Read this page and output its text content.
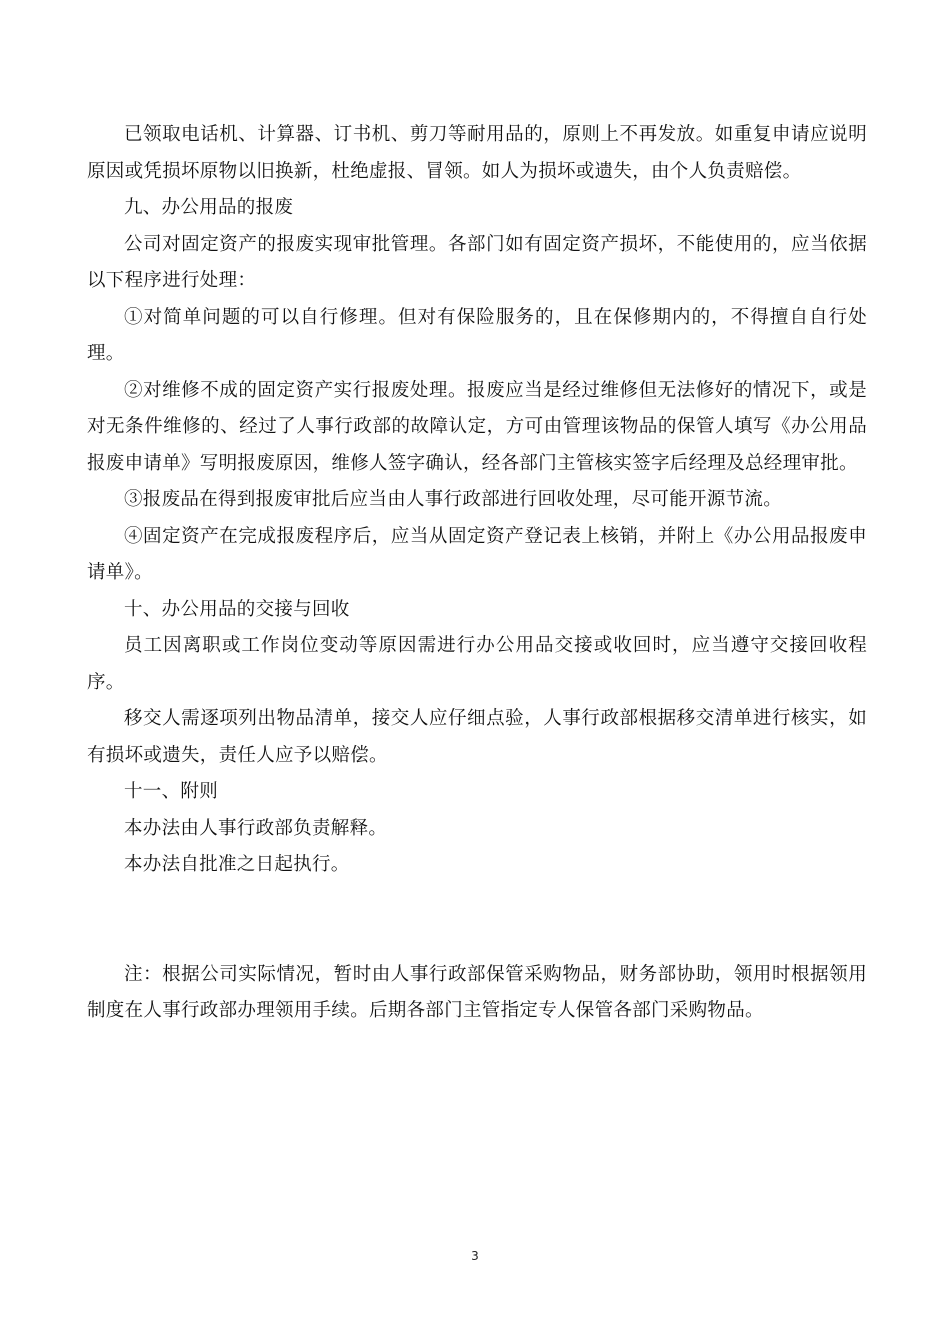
已领取电话机、计算器、订书机、剪刀等耐用品的，原则上不再发放。如重复申请应说明原因或凭损坏原物以旧换新，杜绝虚报、冒领。如人为损坏或遗失，由个人负责赔偿。

九、办公用品的报废

公司对固定资产的报废实现审批管理。各部门如有固定资产损坏，不能使用的，应当依据以下程序进行处理：

①对简单问题的可以自行修理。但对有保险服务的，且在保修期内的，不得擅自自行处理。

②对维修不成的固定资产实行报废处理。报废应当是经过维修但无法修好的情况下，或是对无条件维修的、经过了人事行政部的故障认定，方可由管理该物品的保管人填写《办公用品报废申请单》写明报废原因，维修人签字确认，经各部门主管核实签字后经理及总经理审批。

③报废品在得到报废审批后应当由人事行政部进行回收处理，尽可能开源节流。

④固定资产在完成报废程序后，应当从固定资产登记表上核销，并附上《办公用品报废申请单》。

十、办公用品的交接与回收

员工因离职或工作岗位变动等原因需进行办公用品交接或收回时，应当遵守交接回收程序。

移交人需逐项列出物品清单，接交人应仔细点验，人事行政部根据移交清单进行核实，如有损坏或遗失，责任人应予以赔偿。

十一、附则

本办法由人事行政部负责解释。

本办法自批准之日起执行。

注：根据公司实际情况，暂时由人事行政部保管采购物品，财务部协助，领用时根据领用制度在人事行政部办理领用手续。后期各部门主管指定专人保管各部门采购物品。

3
